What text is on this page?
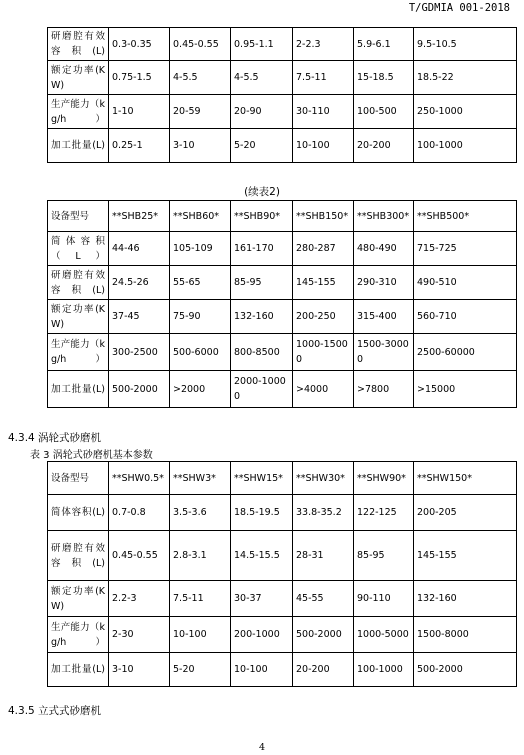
T/GDMIA 001-2018
研磨腔有效容积(L)	0.3-0.35	0.45-0.55	0.95-1.1	2-2.3	5.9-6.1	9.5-10.5
额定功率(KW)	0.75-1.5	4-5.5	4-5.5	7.5-11	15-18.5	18.5-22
生产能力（kg/h）	1-10	20-59	20-90	30-110	100-500	250-1000
加工批量(L)	0.25-1	3-10	5-20	10-100	20-200	100-1000
(续表2)
设备型号	**SHB25*	**SHB60*	**SHB90*	**SHB150*	**SHB300*	**SHB500*
简体容积（L）	44-46	105-109	161-170	280-287	480-490	715-725
研磨腔有效容积(L)	24.5-26	55-65	85-95	145-155	290-310	490-510
额定功率(KW)	37-45	75-90	132-160	200-250	315-400	560-710
生产能力（kg/h）	300-2500	500-6000	800-8500	1000-15000	1500-30000	2500-60000
加工批量(L)	500-2000	>2000	2000-10000	>4000	>7800	>15000
4.3.4 涡轮式砂磨机
表 3 涡轮式砂磨机基本参数
设备型号	**SHW0.5*	**SHW3*	**SHW15*	**SHW30*	**SHW90*	**SHW150*
简体容积(L)	0.7-0.8	3.5-3.6	18.5-19.5	33.8-35.2	122-125	200-205
研磨腔有效容积(L)	0.45-0.55	2.8-3.1	14.5-15.5	28-31	85-95	145-155
额定功率(KW)	2.2-3	7.5-11	30-37	45-55	90-110	132-160
生产能力（kg/h）	2-30	10-100	200-1000	500-2000	1000-5000	1500-8000
加工批量(L)	3-10	5-20	10-100	20-200	100-1000	500-2000
4.3.5 立式式砂磨机
4
